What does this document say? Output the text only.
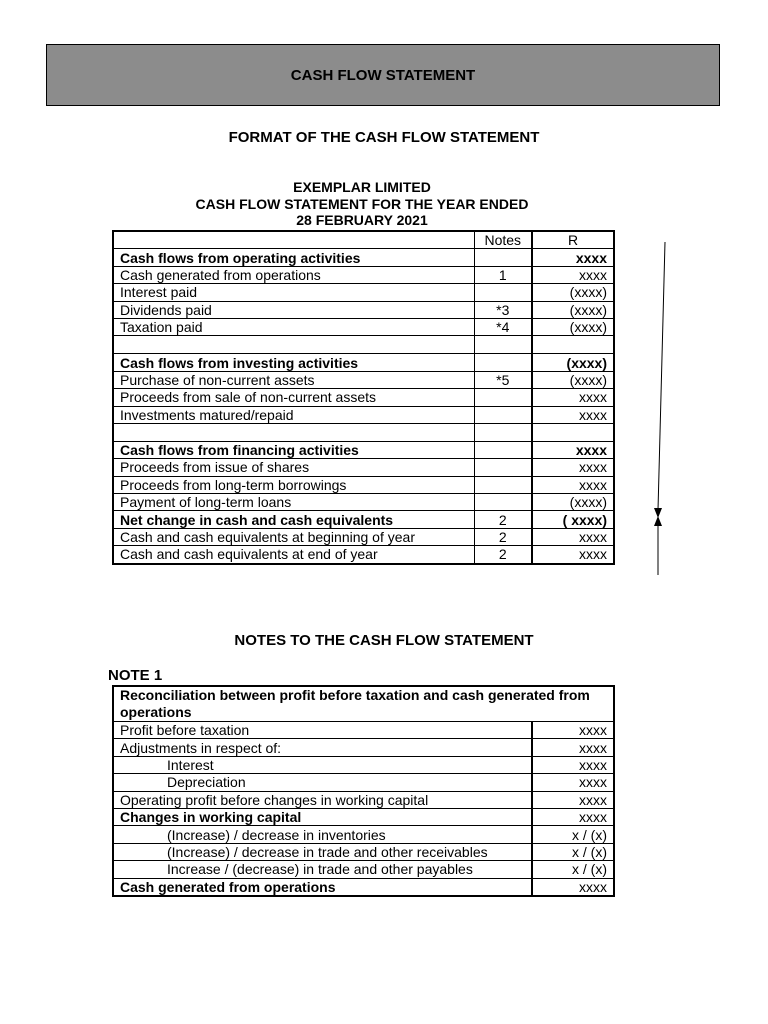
CASH FLOW STATEMENT
FORMAT OF THE CASH FLOW STATEMENT
EXEMPLAR LIMITED
CASH FLOW STATEMENT FOR THE YEAR ENDED
28 FEBRUARY 2021
	Notes	R
Cash flows from operating activities		xxxx
Cash generated from operations	1	xxxx
Interest paid		(xxxx)
Dividends paid	*3	(xxxx)
Taxation paid	*4	(xxxx)

Cash flows from investing activities		(xxxx)
Purchase of non-current assets	*5	(xxxx)
Proceeds from sale of non-current assets		xxxx
Investments matured/repaid		xxxx

Cash flows from financing activities		xxxx
Proceeds from issue of shares		xxxx
Proceeds from long-term borrowings		xxxx
Payment of long-term loans		(xxxx)
Net change in cash and cash equivalents	2	( xxxx)
Cash and cash equivalents at beginning of year	2	xxxx
Cash and cash equivalents at end of year	2	xxxx
NOTES TO THE CASH FLOW STATEMENT
NOTE 1
Reconciliation between profit before taxation and cash generated from operations	
Profit before taxation	xxxx
Adjustments in respect of:	xxxx
Interest	xxxx
Depreciation	xxxx
Operating profit before changes in working capital	xxxx
Changes in working capital	xxxx
(Increase) / decrease in inventories	x / (x)
(Increase) / decrease in trade and other receivables	x / (x)
Increase / (decrease) in trade and other payables	x / (x)
Cash generated from operations	xxxx
